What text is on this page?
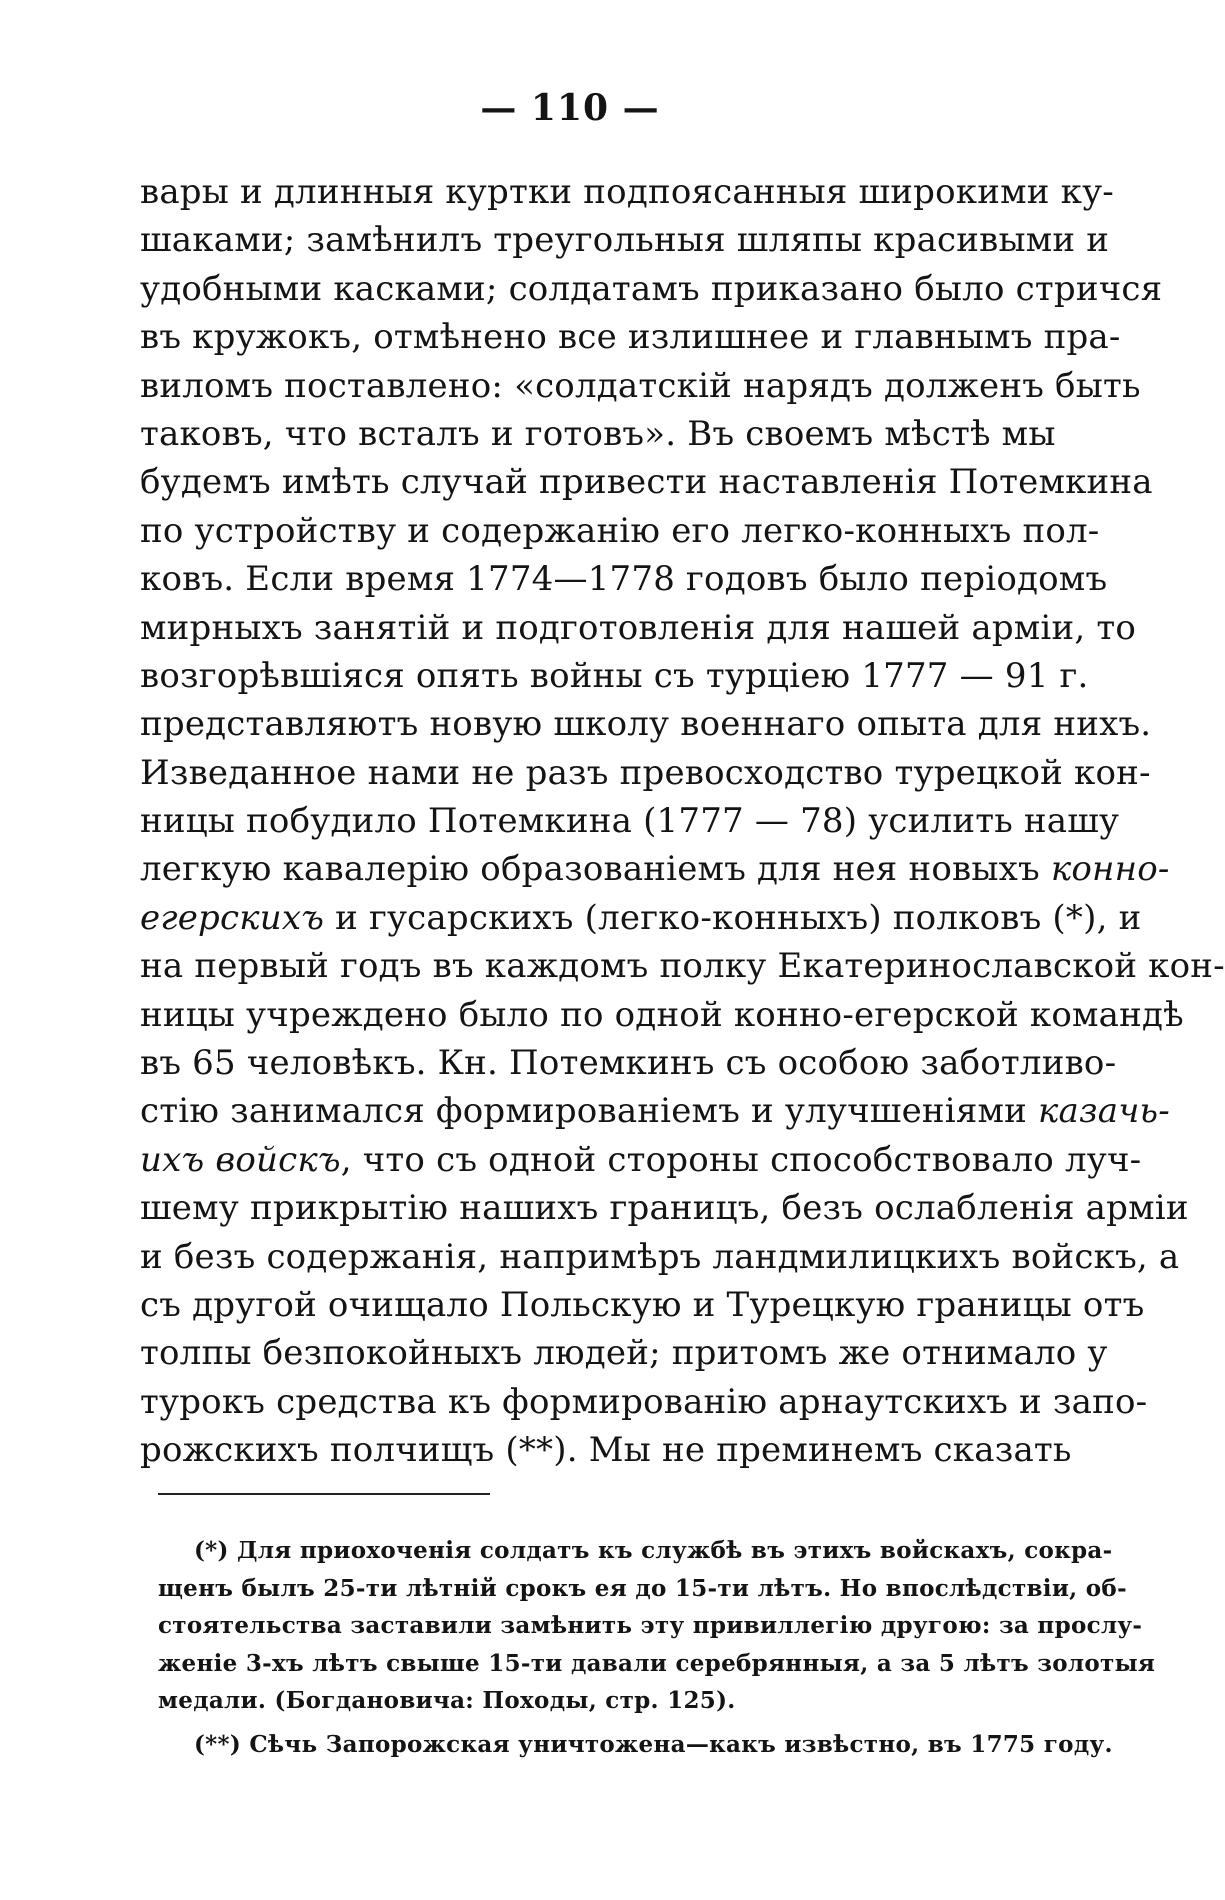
— 110 —
вары и длинныя куртки подпоясанныя широкими ку-
шаками; замѣнилъ треугольныя шляпы красивыми и
удобными касками; солдатамъ приказано было стричся
въ кружокъ, отмѣнено все излишнее и главнымъ пра-
виломъ поставлено: «солдатскій нарядъ долженъ быть
таковъ, что всталъ и готовъ». Въ своемъ мѣстѣ мы
будемъ имѣть случай привести наставленія Потемкина
по устройству и содержанію его легко-конныхъ пол-
ковъ. Если время 1774—1778 годовъ было періодомъ
мирныхъ занятій и подготовленія для нашей арміи, то
возгорѣвшіяся опять войны съ турціею 1777 — 91 г.
представляютъ новую школу военнаго опыта для нихъ.
Изведанное нами не разъ превосходство турецкой кон-
ницы побудило Потемкина (1777 — 78) усилить нашу
легкую кавалерію образованіемъ для нея новыхъ конно-
егерскихъ и гусарскихъ (легко-конныхъ) полковъ (*), и
на первый годъ въ каждомъ полку Екатеринославской кон-
ницы учреждено было по одной конно-егерской командѣ
въ 65 человѣкъ. Кн. Потемкинъ съ особою заботливо-
стію занимался формированіемъ и улучшеніями казачь-
ихъ войскъ, что съ одной стороны способствовало луч-
шему прикрытію нашихъ границъ, безъ ослабленія арміи
и безъ содержанія, напримѣръ ландмилицкихъ войскъ, а
съ другой очищало Польскую и Турецкую границы отъ
толпы безпокойныхъ людей; притомъ же отнимало у
турокъ средства къ формированію арнаутскихъ и запо-
рожскихъ полчищъ (**). Мы не преминемъ сказать
(*) Для приохоченія солдатъ къ службѣ въ этихъ войскахъ, сокра-
щенъ былъ 25-ти лѣтній срокъ ея до 15-ти лѣтъ. Но впослѣдствіи, об-
стоятельства заставили замѣнить эту привиллегію другою: за прослу-
женіе 3-хъ лѣтъ свыше 15-ти давали серебрянныя, а за 5 лѣтъ золотыя
медали. (Богдановича: Походы, стр. 125).
(**) Сѣчь Запорожская уничтожена—какъ извѣстно, въ 1775 году.
